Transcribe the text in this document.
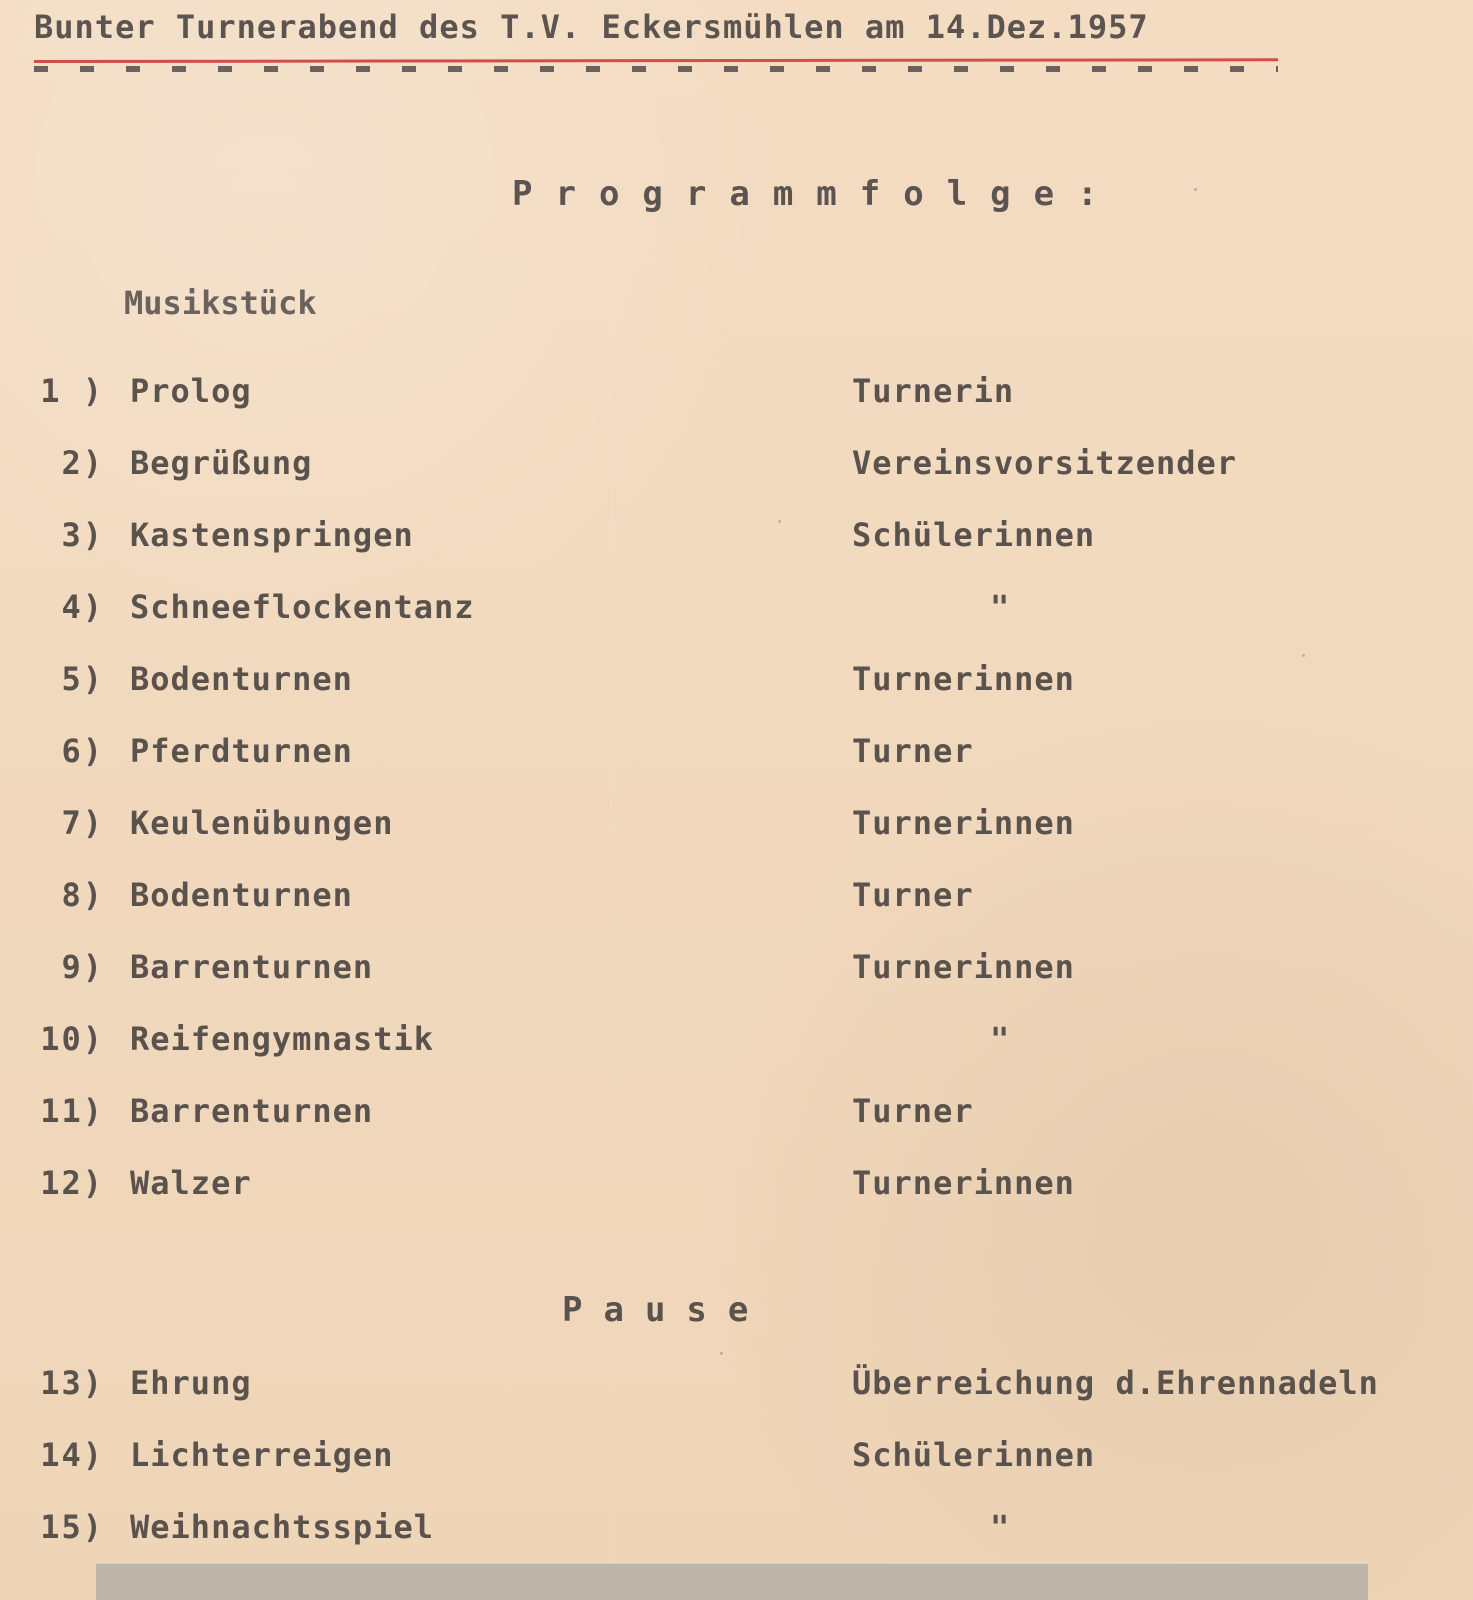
Bunter Turnerabend des T.V. Eckersmühlen am 14.Dez.1957
Programmfolge:
Musikstück
1 ) Prolog	Turnerin
2) Begrüßung	Vereinsvorsitzender
3) Kastenspringen	Schülerinnen
4) Schneeflockentanz	"
5) Bodenturnen	Turnerinnen
6) Pferdturnen	Turner
7) Keulenübungen	Turnerinnen
8) Bodenturnen	Turner
9) Barrenturnen	Turnerinnen
10) Reifengymnastik	"
11) Barrenturnen	Turner
12) Walzer	Turnerinnen
Pause
13) Ehrung	Überreichung d.Ehrennadeln
14) Lichterreigen	Schülerinnen
15) Weihnachtsspiel	"
